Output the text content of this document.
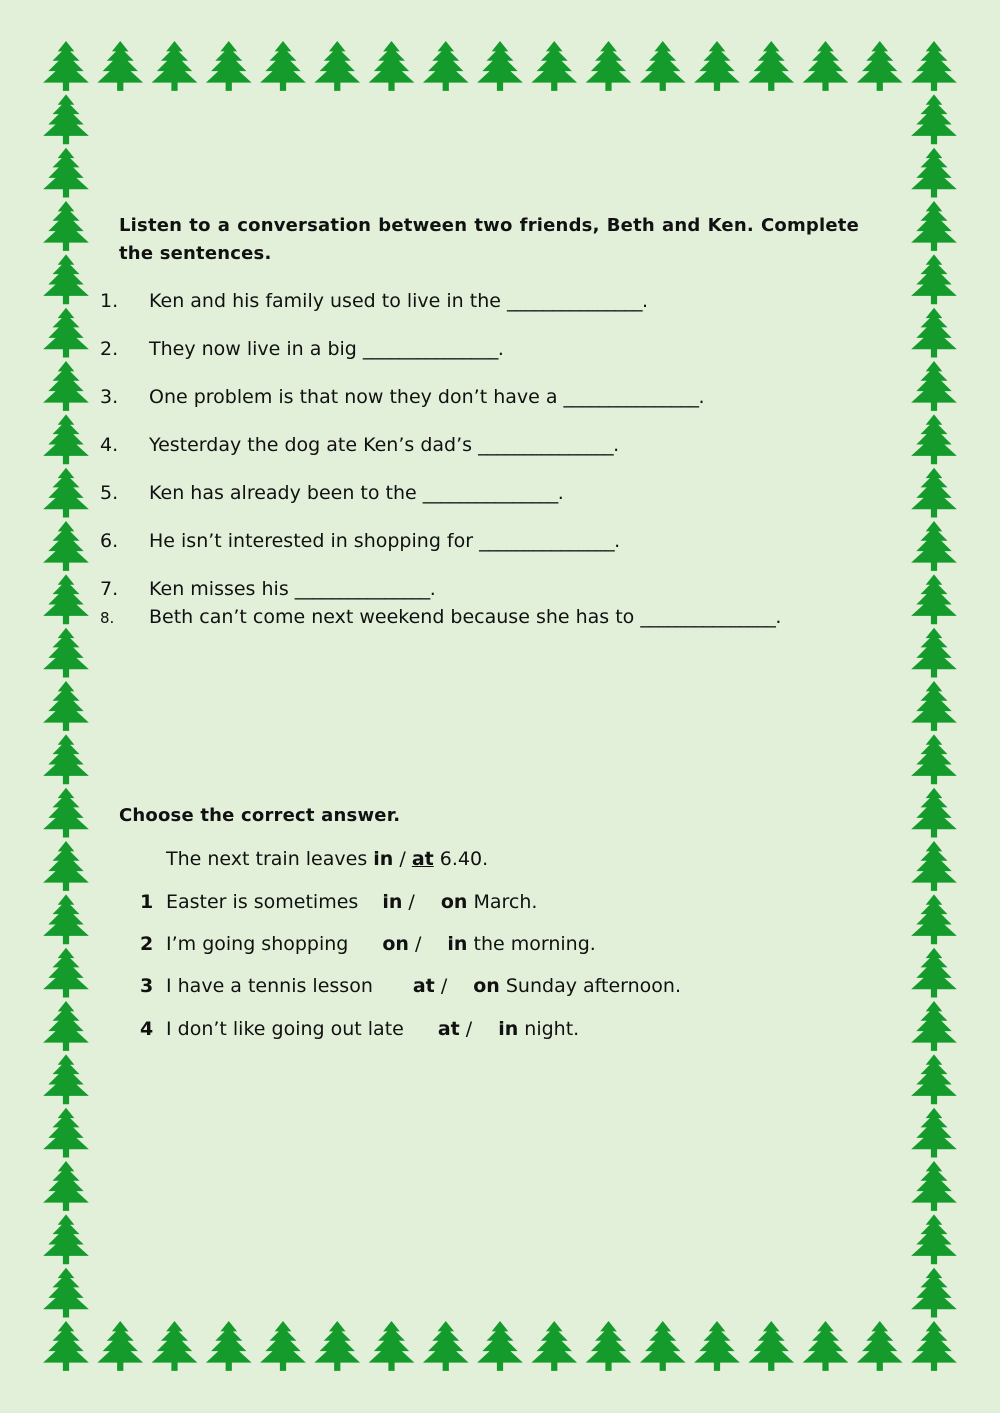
Listen to a conversation between two friends, Beth and Ken. Complete the sentences.
1. Ken and his family used to live in the _______________.
2. They now live in a big _______________.
3. One problem is that now they don’t have a _______________.
4. Yesterday the dog ate Ken’s dad’s _______________.
5. Ken has already been to the _______________.
6. He isn’t interested in shopping for _______________.
7. Ken misses his _______________.
8. Beth can’t come next weekend because she has to _______________.
Choose the correct answer.
The next train leaves in / at 6.40.
1 Easter is sometimes in / on March.
2 I’m going shopping on / in the morning.
3 I have a tennis lesson at / on Sunday afternoon.
4 I don’t like going out late at / in night.
